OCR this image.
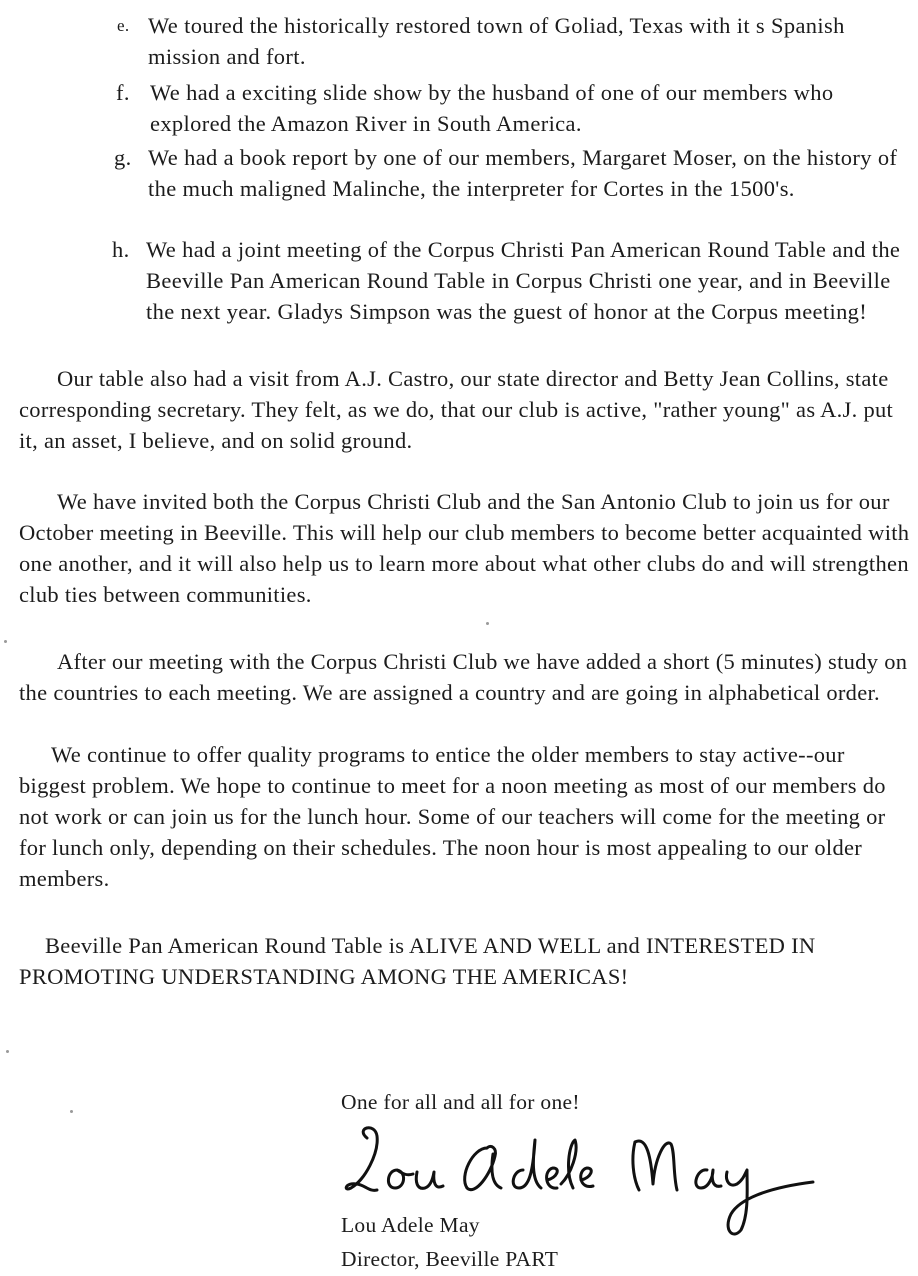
e. We toured the historically restored town of Goliad, Texas with it s Spanish mission and fort.
f. We had a exciting slide show by the husband of one of our members who explored the Amazon River in South America.
g. We had a book report by one of our members, Margaret Moser, on the history of the much maligned Malinche, the interpreter for Cortes in the 1500's.
h. We had a joint meeting of the Corpus Christi Pan American Round Table and the Beeville Pan American Round Table in Corpus Christi one year, and in Beeville the next year. Gladys Simpson was the guest of honor at the Corpus meeting!

Our table also had a visit from A.J. Castro, our state director and Betty Jean Collins, state corresponding secretary. They felt, as we do, that our club is active, "rather young" as A.J. put it, an asset, I believe, and on solid ground.

We have invited both the Corpus Christi Club and the San Antonio Club to join us for our October meeting in Beeville. This will help our club members to become better acquainted with one another, and it will also help us to learn more about what other clubs do and will strengthen club ties between communities.

After our meeting with the Corpus Christi Club we have added a short (5 minutes) study on the countries to each meeting. We are assigned a country and are going in alphabetical order.

We continue to offer quality programs to entice the older members to stay active--our biggest problem. We hope to continue to meet for a noon meeting as most of our members do not work or can join us for the lunch hour. Some of our teachers will come for the meeting or for lunch only, depending on their schedules. The noon hour is most appealing to our older members.

Beeville Pan American Round Table is ALIVE AND WELL and INTERESTED IN PROMOTING UNDERSTANDING AMONG THE AMERICAS!

One for all and all for one!
Lou Adele May
Director, Beeville PART
